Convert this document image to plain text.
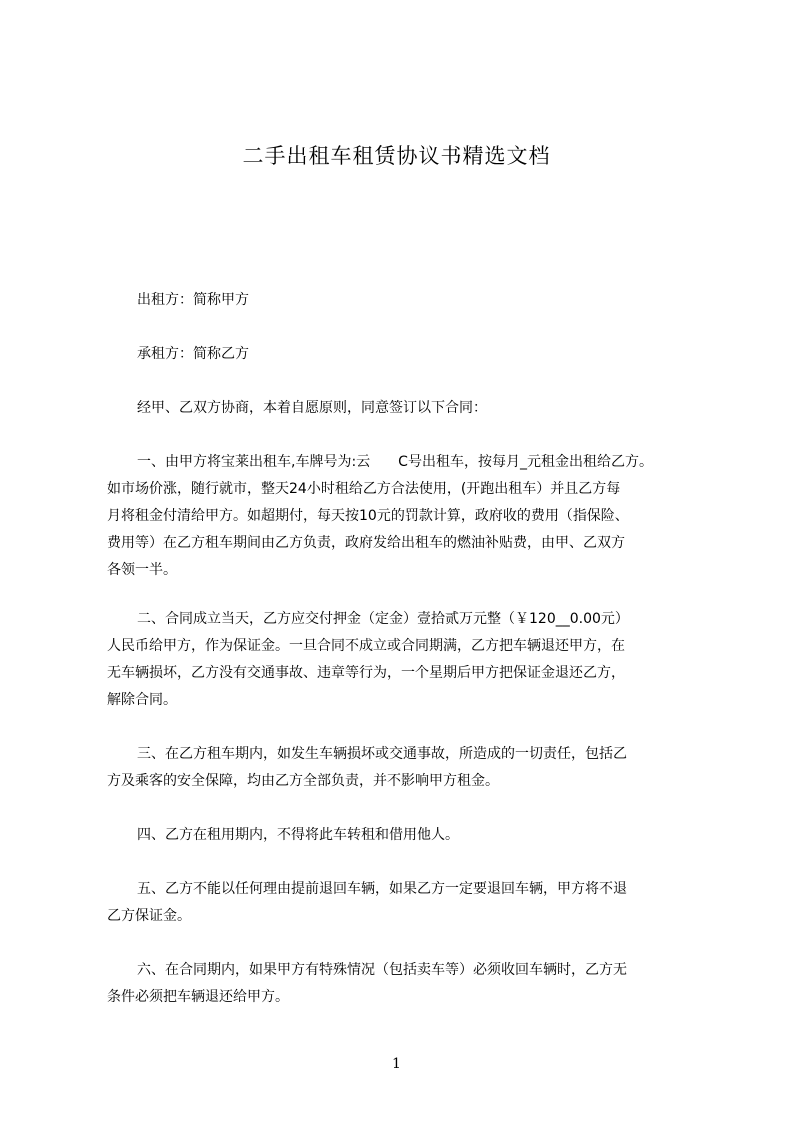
二手出租车租赁协议书精选文档
出租方：简称甲方
承租方：简称乙方
经甲、乙双方协商，本着自愿原则，同意签订以下合同：
一、由甲方将宝莱出租车,车牌号为:云　　C号出租车，按每月_元租金出租给乙方。
如市场价涨，随行就市，整天24小时租给乙方合法使用，(开跑出租车）并且乙方每
月将租金付清给甲方。如超期付，每天按10元的罚款计算，政府收的费用（指保险、
费用等）在乙方租车期间由乙方负责，政府发给出租车的燃油补贴费，由甲、乙双方
各领一半。
二、合同成立当天，乙方应交付押金（定金）壹拾贰万元整（￥120__0.00元）
人民币给甲方，作为保证金。一旦合同不成立或合同期满，乙方把车辆退还甲方，在
无车辆损坏，乙方没有交通事故、违章等行为，一个星期后甲方把保证金退还乙方，
解除合同。
三、在乙方租车期内，如发生车辆损坏或交通事故，所造成的一切责任，包括乙
方及乘客的安全保障，均由乙方全部负责，并不影响甲方租金。
四、乙方在租用期内，不得将此车转租和借用他人。
五、乙方不能以任何理由提前退回车辆，如果乙方一定要退回车辆，甲方将不退
乙方保证金。
六、在合同期内，如果甲方有特殊情况（包括卖车等）必须收回车辆时，乙方无
条件必须把车辆退还给甲方。
1
